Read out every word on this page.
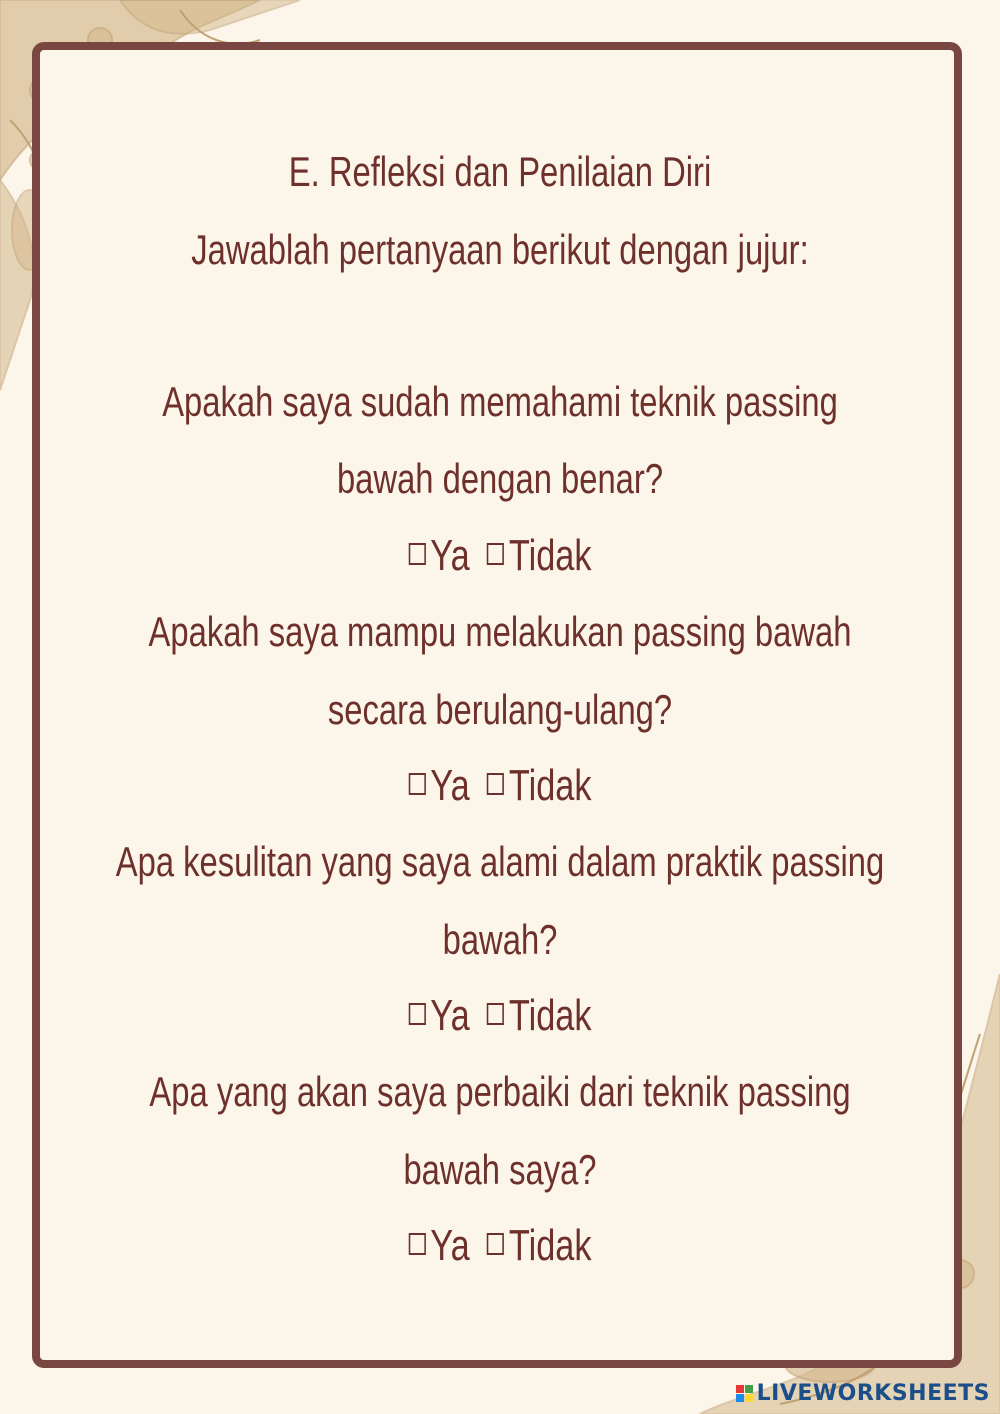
E. Refleksi dan Penilaian Diri
Jawablah pertanyaan berikut dengan jujur:
Apakah saya sudah memahami teknik passing
bawah dengan benar?
Ya Tidak
Apakah saya mampu melakukan passing bawah
secara berulang-ulang?
Ya Tidak
Apa kesulitan yang saya alami dalam praktik passing
bawah?
Ya Tidak
Apa yang akan saya perbaiki dari teknik passing
bawah saya?
Ya Tidak
LIVEWORKSHEETS
